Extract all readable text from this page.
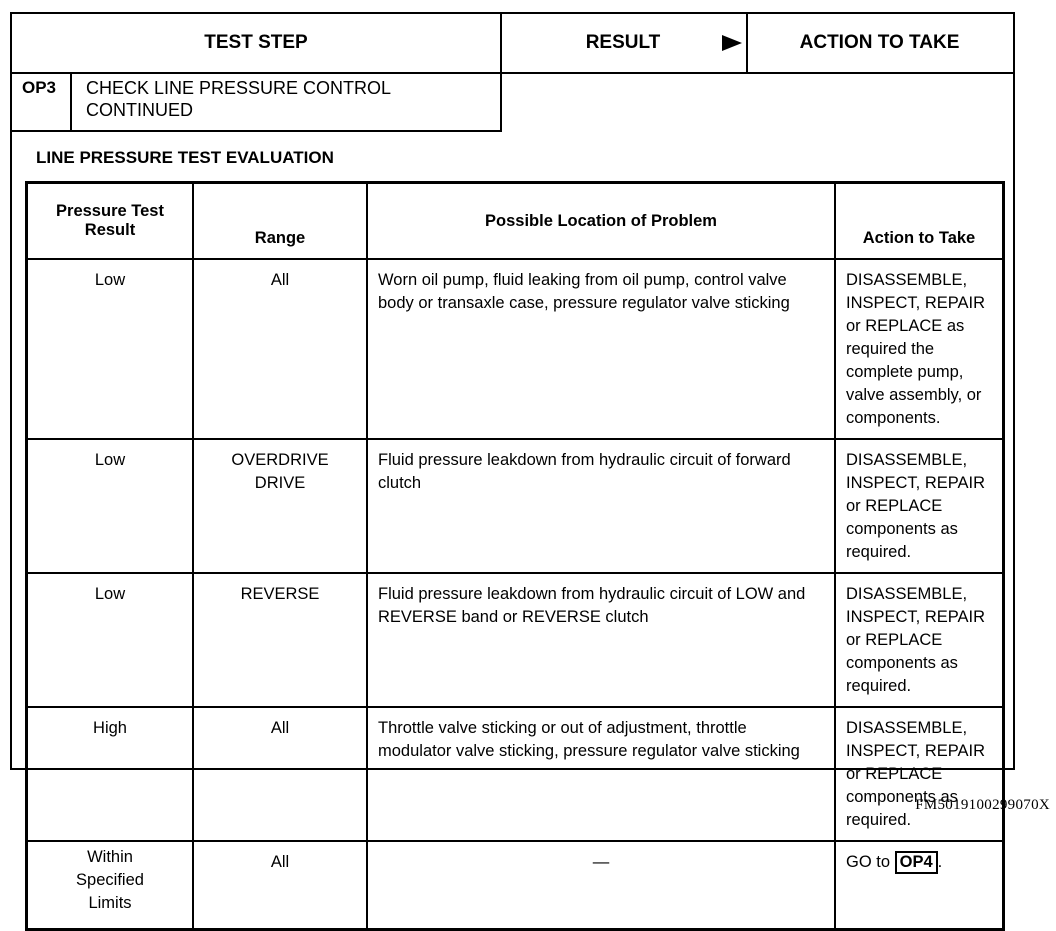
TEST STEP	RESULT	ACTION TO TAKE
OP3	CHECK LINE PRESSURE CONTROL
CONTINUED
LINE PRESSURE TEST EVALUATION
Pressure Test Result	Range	Possible Location of Problem	Action to Take
Low	All	Worn oil pump, fluid leaking from oil pump, control valve body or transaxle case, pressure regulator valve sticking	DISASSEMBLE, INSPECT, REPAIR or REPLACE as required the complete pump, valve assembly, or components.
Low	OVERDRIVE DRIVE	Fluid pressure leakdown from hydraulic circuit of forward clutch	DISASSEMBLE, INSPECT, REPAIR or REPLACE components as required.
Low	REVERSE	Fluid pressure leakdown from hydraulic circuit of LOW and REVERSE band or REVERSE clutch	DISASSEMBLE, INSPECT, REPAIR or REPLACE components as required.
High	All	Throttle valve sticking or out of adjustment, throttle modulator valve sticking, pressure regulator valve sticking	DISASSEMBLE, INSPECT, REPAIR or REPLACE components as required.
Within Specified Limits	All	—	GO to OP4 .
FM5019100299070X
